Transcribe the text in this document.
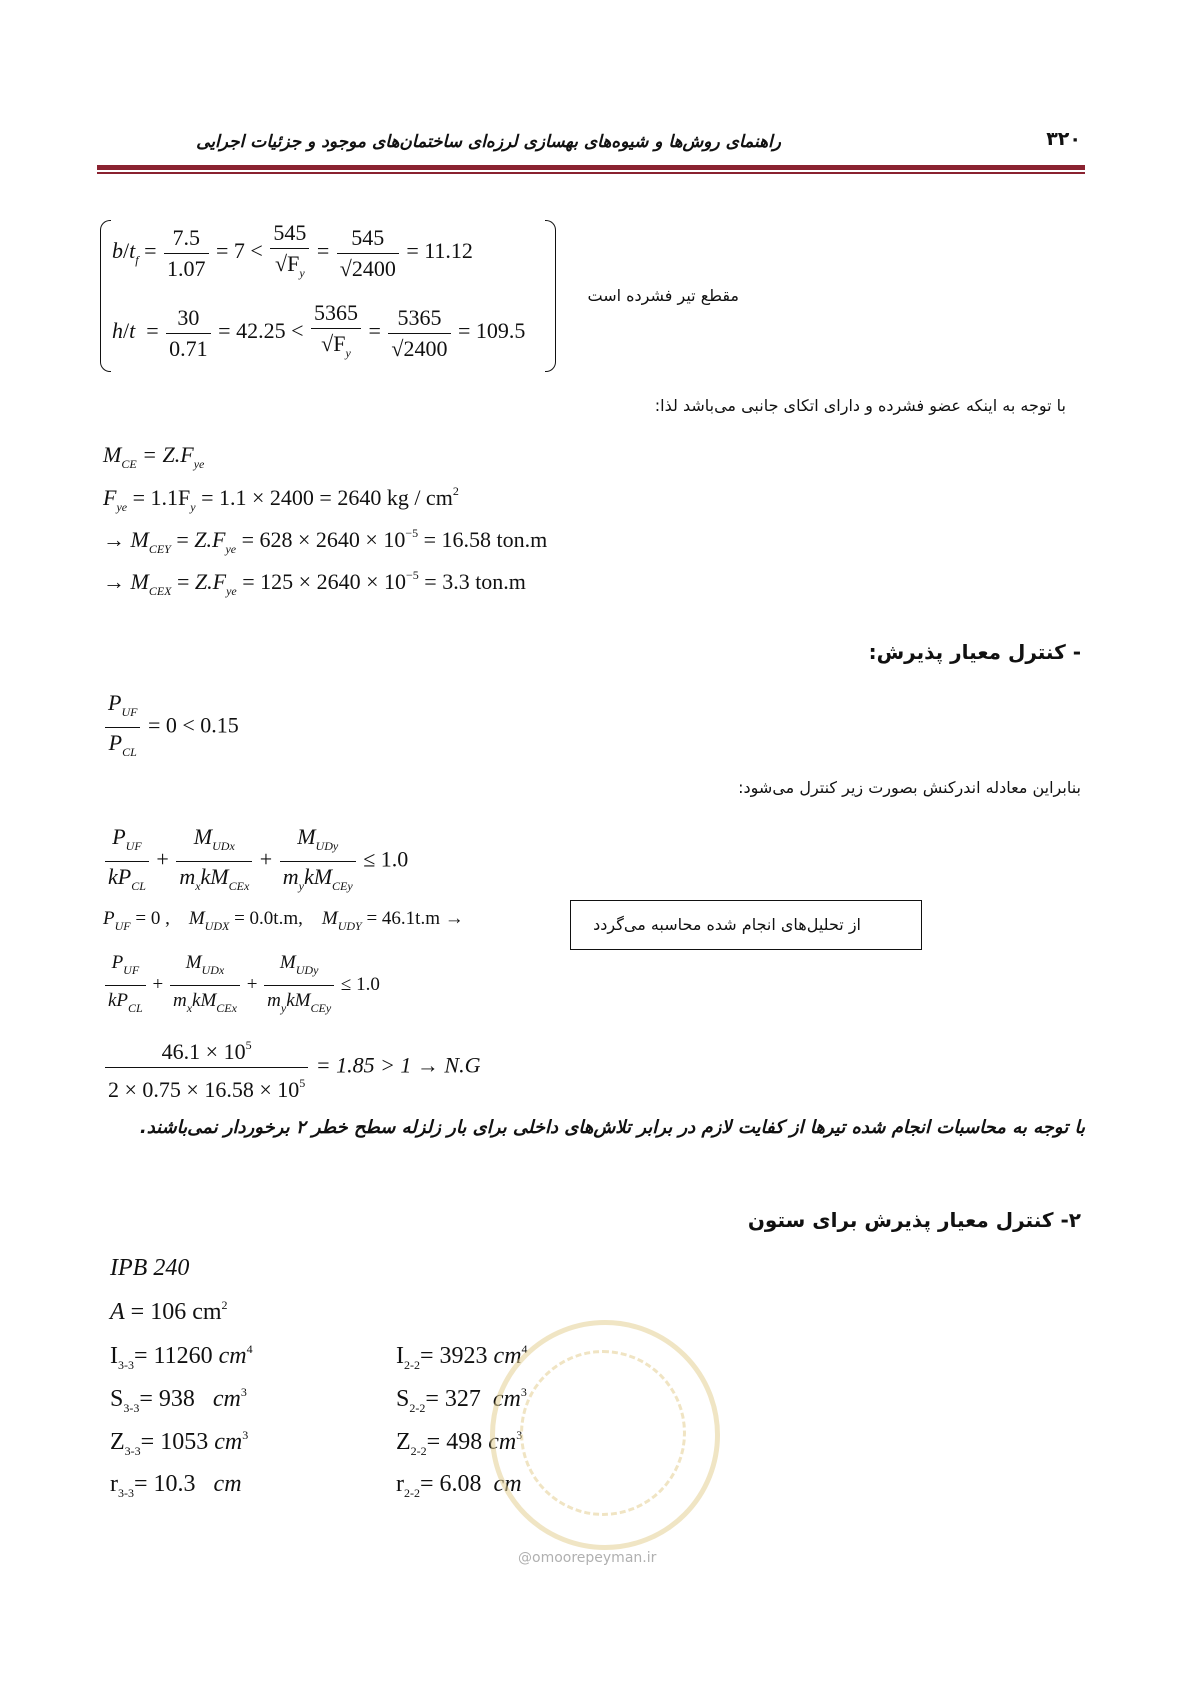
راهنمای روش‌ها و شیوه‌های بهسازی لرزه‌ای ساختمان‌های موجود و جزئیات اجرایی	۳۲۰
$b/t_f = \frac{7.5}{1.07} = 7 < \frac{545}{√F_y} = \frac{545}{√2400} = 11.12$
$h/t = \frac{30}{0.71} = 42.25 < \frac{5365}{√F_y} = \frac{5365}{√2400} = 109.5$
مقطع تیر فشرده است
با توجه به اینکه عضو فشرده و دارای اتکای جانبی می‌باشد لذا:
$M_{CE} = Z.F_{ye}$
$F_{ye} = 1.1F_y = 1.1 \times 2400 = 2640$ kg / $cm^2$
→ $M_{CEY} = Z.F_{ye} = 628 \times 2640 \times 10^{-5} = 16.58$ ton.m
→ $M_{CEX} = Z.F_{ye} = 125 \times 2640 \times 10^{-5} = 3.3$ ton.m
- کنترل معیار پذیرش:
$\frac{P_{UF}}{P_{CL}} = 0 < 0.15$
بنابراین معادله اندرکنش بصورت زیر کنترل می‌شود:
$\frac{P_{UF}}{kP_{CL}} + \frac{M_{UDx}}{m_xkM_{CEx}} + \frac{M_{UDy}}{m_ykM_{CEy}} \le 1.0$
$P_{UF} = 0$ , $M_{UDX} = 0.0t.m$, $M_{UDY} = 46.1t.m$ →	از تحلیل‌های انجام شده محاسبه می‌گردد
$\frac{P_{UF}}{kP_{CL}} + \frac{M_{UDx}}{m_xkM_{CEx}} + \frac{M_{UDy}}{m_ykM_{CEy}} \le 1.0$
$\frac{46.1 \times 10^5}{2 \times 0.75 \times 16.58 \times 10^5} = 1.85 > 1 \to N.G$
با توجه به محاسبات انجام شده تیرها از کفایت لازم در برابر تلاش‌های داخلی برای بار زلزله سطح خطر ۲ برخوردار نمی‌باشند.
۲- کنترل معیار پذیرش برای ستون
IPB 240
A = 106 $cm^2$
$I_{3-3}= 11260$ $cm^4$	$I_{2-2}= 3923$ $cm^4$
$S_{3-3}= 938$ $cm^3$	$S_{2-2}= 327$ $cm^3$
$Z_{3-3}= 1053$ $cm^3$	$Z_{2-2}= 498$ $cm^3$
$r_{3-3}= 10.3$ cm	$r_{2-2}= 6.08$ cm
@omoorepeyman.ir
